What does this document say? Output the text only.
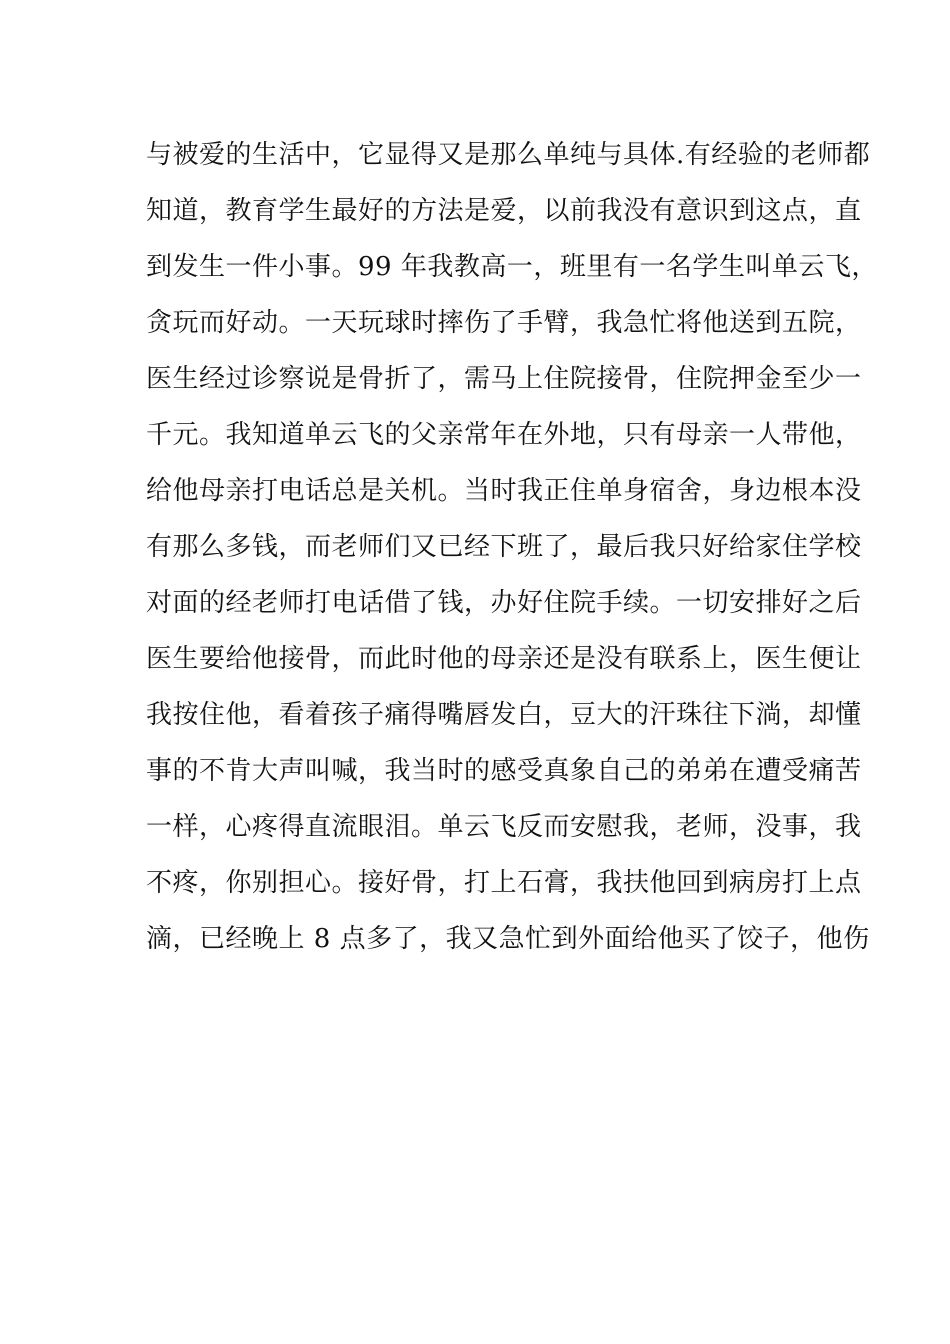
与被爱的生活中，它显得又是那么单纯与具体.有经验的老师都
知道，教育学生最好的方法是爱，以前我没有意识到这点，直
到发生一件小事。99 年我教高一，班里有一名学生叫单云飞，
贪玩而好动。一天玩球时摔伤了手臂，我急忙将他送到五院，
医生经过诊察说是骨折了，需马上住院接骨，住院押金至少一
千元。我知道单云飞的父亲常年在外地，只有母亲一人带他，
给他母亲打电话总是关机。当时我正住单身宿舍，身边根本没
有那么多钱，而老师们又已经下班了，最后我只好给家住学校
对面的经老师打电话借了钱，办好住院手续。一切安排好之后
医生要给他接骨，而此时他的母亲还是没有联系上，医生便让
我按住他，看着孩子痛得嘴唇发白，豆大的汗珠往下淌，却懂
事的不肯大声叫喊，我当时的感受真象自己的弟弟在遭受痛苦
一样，心疼得直流眼泪。单云飞反而安慰我，老师，没事，我
不疼，你别担心。接好骨，打上石膏，我扶他回到病房打上点
滴，已经晚上 8 点多了，我又急忙到外面给他买了饺子，他伤
